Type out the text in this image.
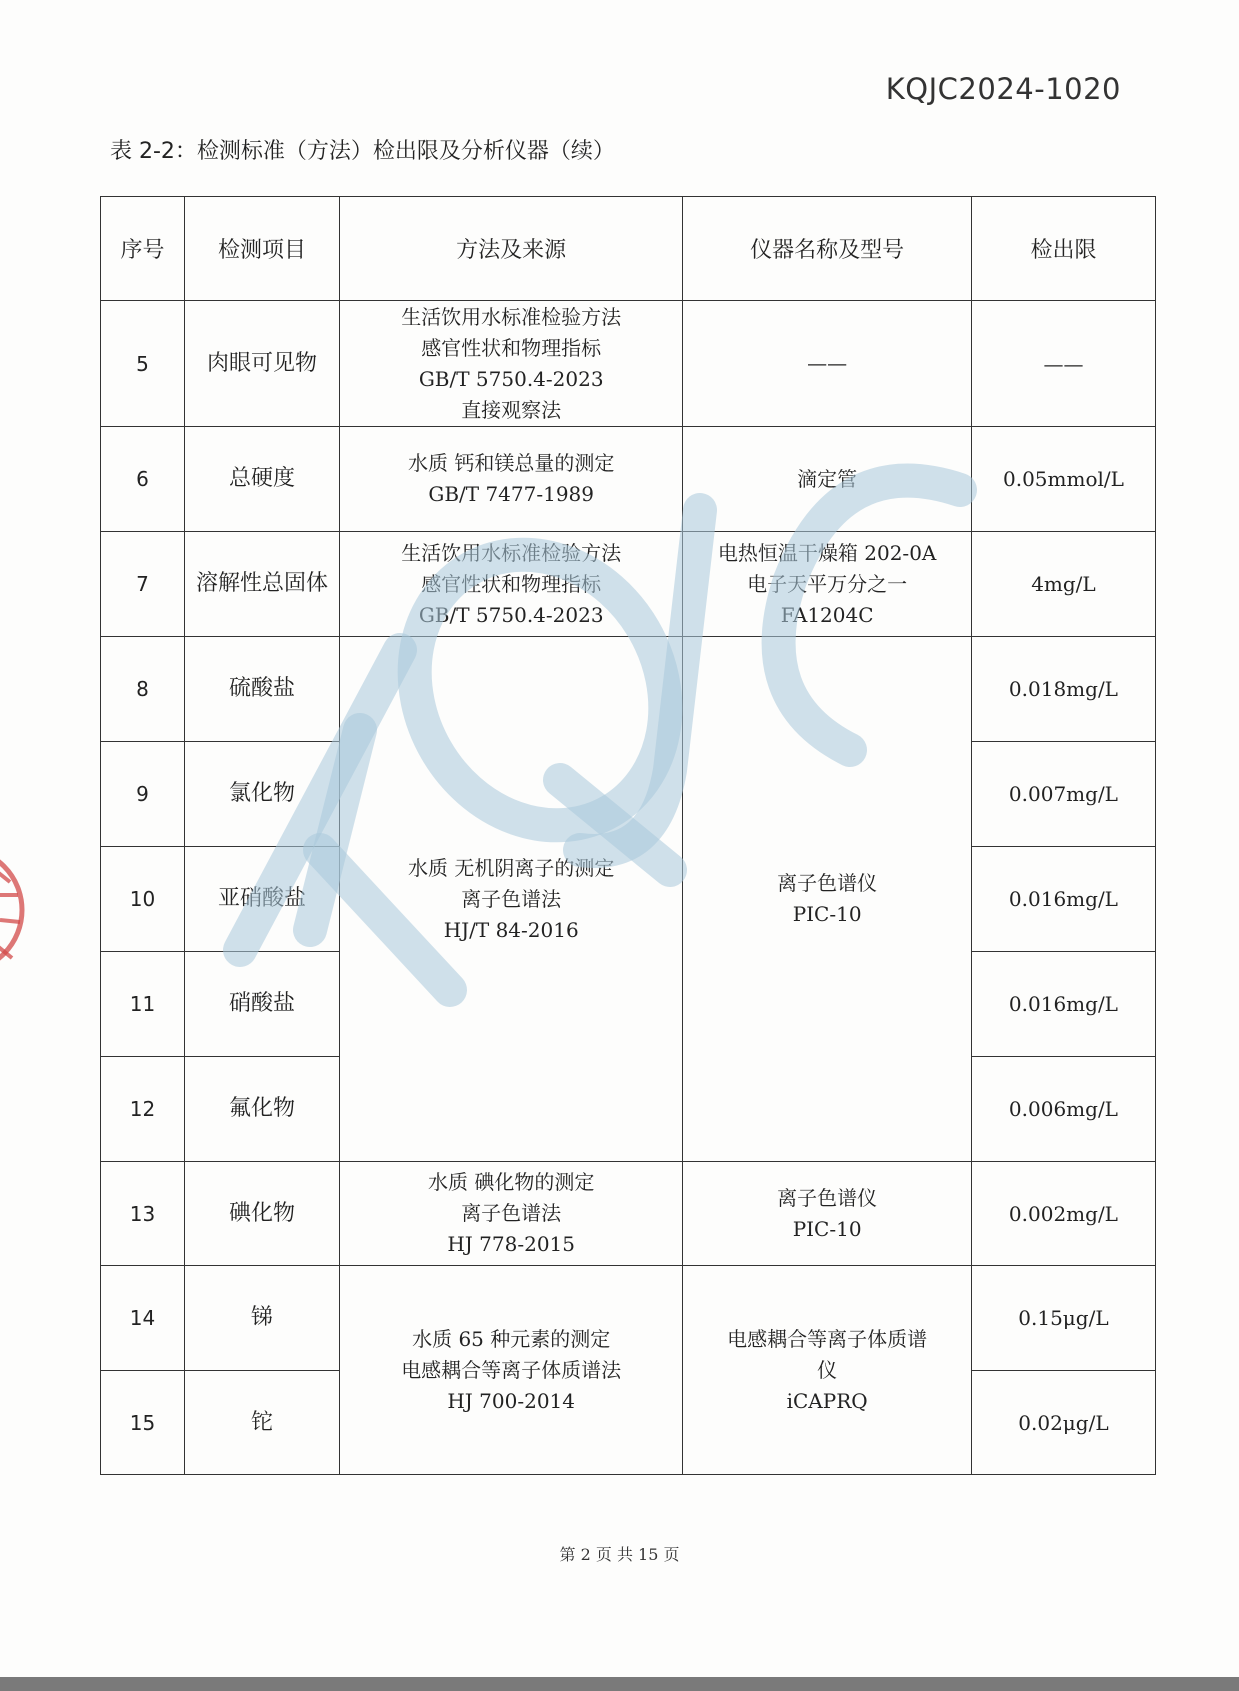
KQJC2024-1020
表 2-2：检测标准（方法）检出限及分析仪器（续）
序号	检测项目	方法及来源	仪器名称及型号	检出限
5	肉眼可见物	生活饮用水标准检验方法
感官性状和物理指标
GB/T 5750.4-2023
直接观察法	——	——
6	总硬度	水质 钙和镁总量的测定
GB/T 7477-1989	滴定管	0.05mmol/L
7	溶解性总固体	生活饮用水标准检验方法
感官性状和物理指标
GB/T 5750.4-2023	电热恒温干燥箱 202-0A
电子天平万分之一
FA1204C	4mg/L
8	硫酸盐	水质 无机阴离子的测定
离子色谱法
HJ/T 84-2016	离子色谱仪
PIC-10	0.018mg/L
9	氯化物			0.007mg/L
10	亚硝酸盐			0.016mg/L
11	硝酸盐			0.016mg/L
12	氟化物			0.006mg/L
13	碘化物	水质 碘化物的测定
离子色谱法
HJ 778-2015	离子色谱仪
PIC-10	0.002mg/L
14	锑	水质 65 种元素的测定
电感耦合等离子体质谱法
HJ 700-2014	电感耦合等离子体质谱
仪
iCAPRQ	0.15μg/L
15	铊			0.02μg/L
第 2 页 共 15 页
